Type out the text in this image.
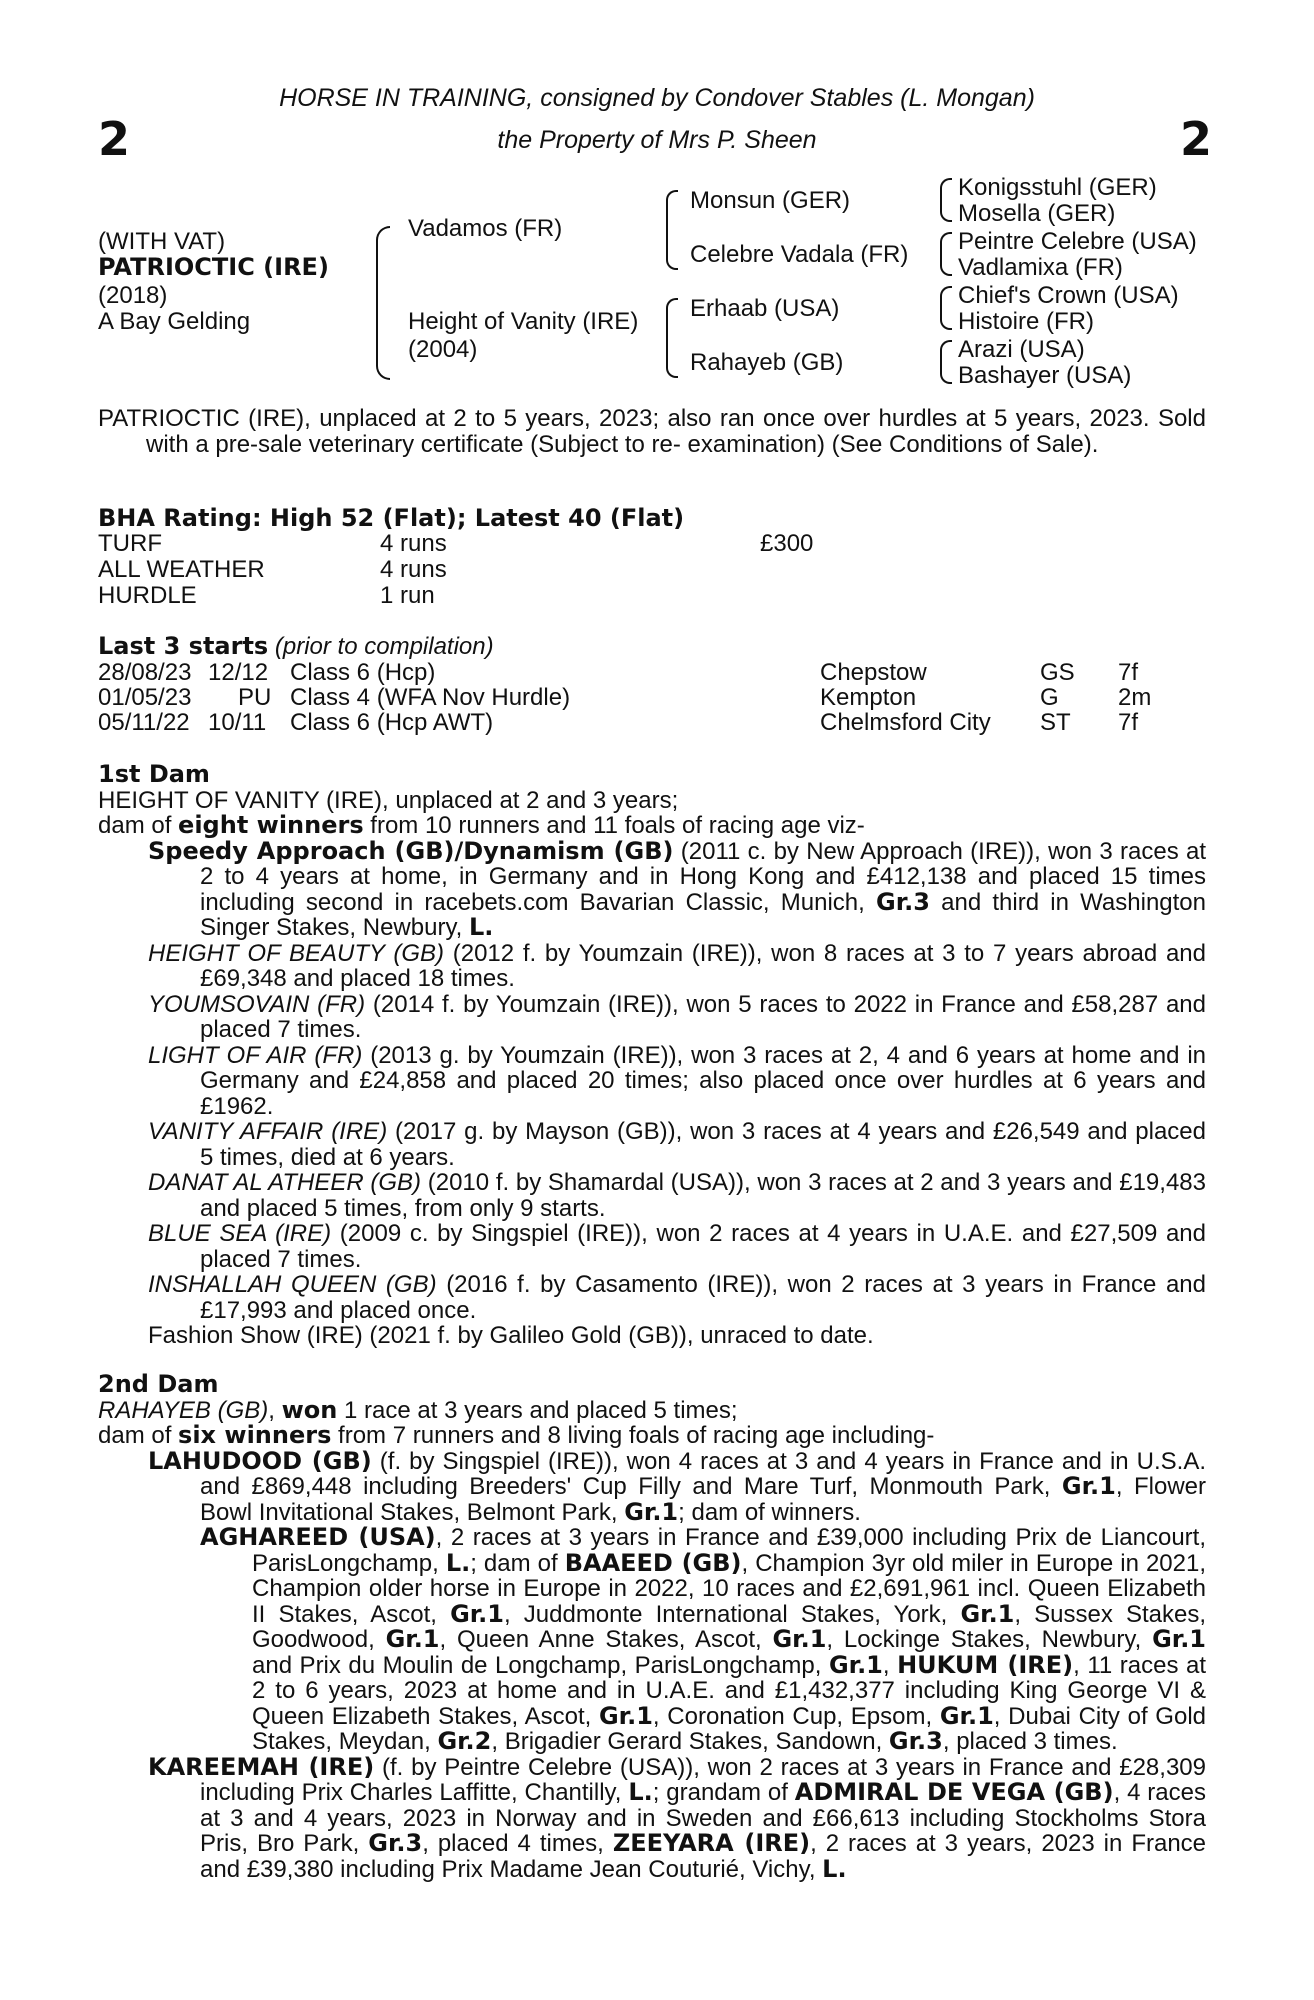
2	2
HORSE IN TRAINING, consigned by Condover Stables (L. Mongan)
the Property of Mrs P. Sheen
(WITH VAT)
PATRIOCTIC (IRE)
(2018)
A Bay Gelding
Vadamos (FR)
Height of Vanity (IRE)
(2004)
Monsun (GER)
Celebre Vadala (FR)
Erhaab (USA)
Rahayeb (GB)
Konigsstuhl (GER)
Mosella (GER)
Peintre Celebre (USA)
Vadlamixa (FR)
Chief's Crown (USA)
Histoire (FR)
Arazi (USA)
Bashayer (USA)

PATRIOCTIC (IRE), unplaced at 2 to 5 years, 2023; also ran once over hurdles at 5 years, 2023. Sold with a pre-sale veterinary certificate (Subject to re- examination) (See Conditions of Sale).

BHA Rating: High 52 (Flat); Latest 40 (Flat)
TURF	4 runs	£300
ALL WEATHER	4 runs
HURDLE	1 run
Last 3 starts (prior to compilation)
28/08/23 12/12 Class 6 (Hcp)	Chepstow	GS 7f
01/05/23 PU Class 4 (WFA Nov Hurdle)	Kempton	G 2m
05/11/22 10/11 Class 6 (Hcp AWT)	Chelmsford City ST 7f

1st Dam

HEIGHT OF VANITY (IRE), unplaced at 2 and 3 years;

dam of eight winners from 10 runners and 11 foals of racing age viz-

Speedy Approach (GB)/Dynamism (GB) (2011 c. by New Approach (IRE)), won 3 races at 2 to 4 years at home, in Germany and in Hong Kong and £412,138 and placed 15 times including second in racebets.com Bavarian Classic, Munich, Gr.3 and third in Washington Singer Stakes, Newbury, L.

HEIGHT OF BEAUTY (GB) (2012 f. by Youmzain (IRE)), won 8 races at 3 to 7 years abroad and £69,348 and placed 18 times.

YOUMSOVAIN (FR) (2014 f. by Youmzain (IRE)), won 5 races to 2022 in France and £58,287 and placed 7 times.

LIGHT OF AIR (FR) (2013 g. by Youmzain (IRE)), won 3 races at 2, 4 and 6 years at home and in Germany and £24,858 and placed 20 times; also placed once over hurdles at 6 years and £1962.

VANITY AFFAIR (IRE) (2017 g. by Mayson (GB)), won 3 races at 4 years and £26,549 and placed 5 times, died at 6 years.

DANAT AL ATHEER (GB) (2010 f. by Shamardal (USA)), won 3 races at 2 and 3 years and £19,483 and placed 5 times, from only 9 starts.

BLUE SEA (IRE) (2009 c. by Singspiel (IRE)), won 2 races at 4 years in U.A.E. and £27,509 and placed 7 times.

INSHALLAH QUEEN (GB) (2016 f. by Casamento (IRE)), won 2 races at 3 years in France and £17,993 and placed once.

Fashion Show (IRE) (2021 f. by Galileo Gold (GB)), unraced to date.

2nd Dam

RAHAYEB (GB), won 1 race at 3 years and placed 5 times;

dam of six winners from 7 runners and 8 living foals of racing age including-

LAHUDOOD (GB) (f. by Singspiel (IRE)), won 4 races at 3 and 4 years in France and in U.S.A. and £869,448 including Breeders' Cup Filly and Mare Turf, Monmouth Park, Gr.1, Flower Bowl Invitational Stakes, Belmont Park, Gr.1; dam of winners.

AGHAREED (USA), 2 races at 3 years in France and £39,000 including Prix de Liancourt, ParisLongchamp, L.; dam of BAAEED (GB), Champion 3yr old miler in Europe in 2021, Champion older horse in Europe in 2022, 10 races and £2,691,961 incl. Queen Elizabeth II Stakes, Ascot, Gr.1, Juddmonte International Stakes, York, Gr.1, Sussex Stakes, Goodwood, Gr.1, Queen Anne Stakes, Ascot, Gr.1, Lockinge Stakes, Newbury, Gr.1 and Prix du Moulin de Longchamp, ParisLongchamp, Gr.1, HUKUM (IRE), 11 races at 2 to 6 years, 2023 at home and in U.A.E. and £1,432,377 including King George VI & Queen Elizabeth Stakes, Ascot, Gr.1, Coronation Cup, Epsom, Gr.1, Dubai City of Gold Stakes, Meydan, Gr.2, Brigadier Gerard Stakes, Sandown, Gr.3, placed 3 times.

KAREEMAH (IRE) (f. by Peintre Celebre (USA)), won 2 races at 3 years in France and £28,309 including Prix Charles Laffitte, Chantilly, L.; grandam of ADMIRAL DE VEGA (GB), 4 races at 3 and 4 years, 2023 in Norway and in Sweden and £66,613 including Stockholms Stora Pris, Bro Park, Gr.3, placed 4 times, ZEEYARA (IRE), 2 races at 3 years, 2023 in France and £39,380 including Prix Madame Jean Couturié, Vichy, L.
